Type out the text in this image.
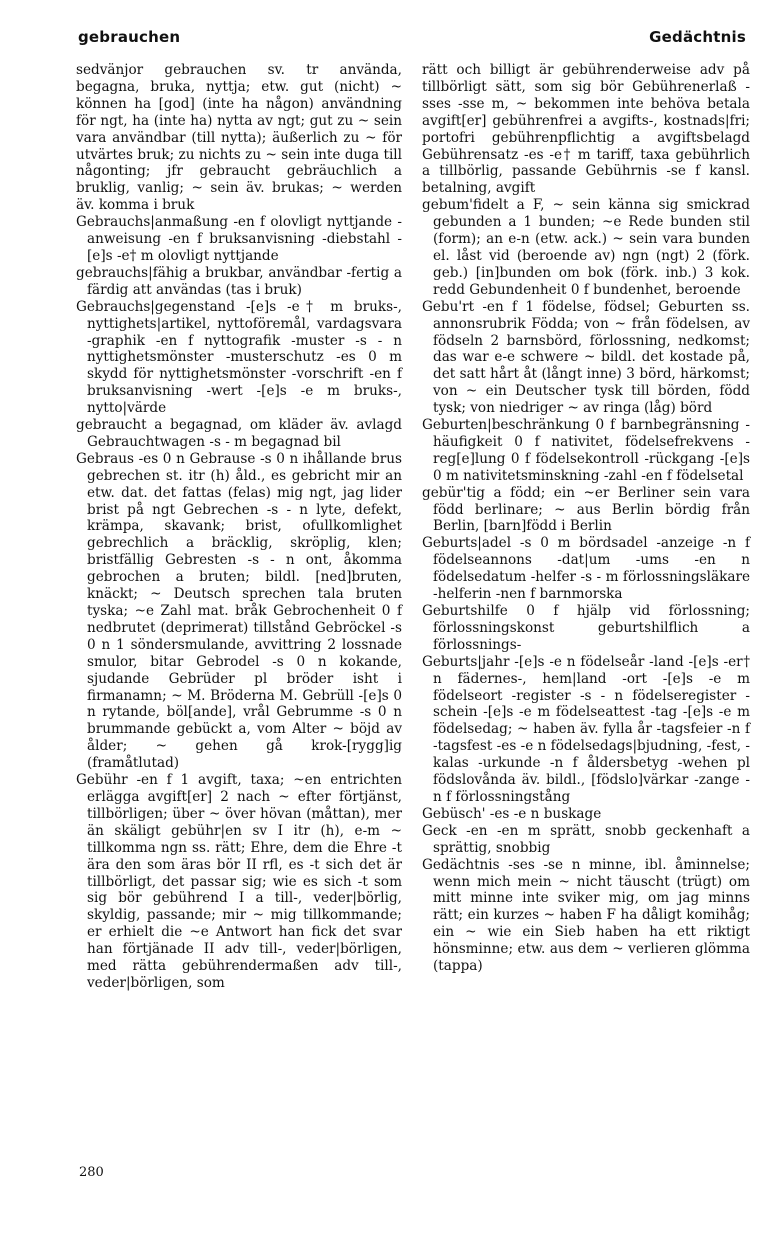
gebrauchen	Gedächtnis

sedvänjor gebrauchen sv. tr använda, begagna, bruka, nyttja; etw. gut (nicht) ~ können ha [god] (inte ha någon) användning för ngt, ha (inte ha) nytta av ngt; gut zu ~ sein vara användbar (till nytta); äußerlich zu ~ för utvärtes bruk; zu nichts zu ~ sein inte duga till någonting; jfr gebraucht gebräuchlich a bruklig, vanlig; ~ sein äv. brukas; ~ werden äv. komma i bruk

Gebrauchs|anmaßung -en f olovligt nyttjande -anweisung -en f bruksanvisning -diebstahl -[e]s -e† m olovligt nyttjande

gebrauchs|fähig a brukbar, användbar -fertig a färdig att användas (tas i bruk)

Gebrauchs|gegenstand -[e]s -e† m bruks-, nyttighets|artikel, nyttoföremål, vardagsvara -graphik -en f nyttografik -muster -s - n nyttighetsmönster -musterschutz -es 0 m skydd för nyttighetsmönster -vorschrift -en f bruksanvisning -wert -[e]s -e m bruks-, nytto|värde

gebraucht a begagnad, om kläder äv. avlagd Gebrauchtwagen -s - m begagnad bil

Gebraus -es 0 n Gebrause -s 0 n ihållande brus gebrechen st. itr (h) åld., es gebricht mir an etw. dat. det fattas (felas) mig ngt, jag lider brist på ngt Gebrechen -s - n lyte, defekt, krämpa, skavank; brist, ofullkomlighet gebrechlich a bräcklig, skröplig, klen; bristfällig Gebresten -s - n ont, åkomma gebrochen a bruten; bildl. [ned]bruten, knäckt; ~ Deutsch sprechen tala bruten tyska; ~e Zahl mat. bråk Gebrochenheit 0 f nedbrutet (deprimerat) tillstånd Gebröckel -s 0 n 1 söndersmulande, avvittring 2 lossnade smulor, bitar Gebrodel -s 0 n kokande, sjudande Gebrüder pl bröder isht i firmanamn; ~ M. Bröderna M. Gebrüll -[e]s 0 n rytande, böl[ande], vrål Gebrumme -s 0 n brummande gebückt a, vom Alter ~ böjd av ålder; ~ gehen gå krok-[rygg]ig (framåtlutad)

Gebühr -en f 1 avgift, taxa; ~en entrichten erlägga avgift[er] 2 nach ~ efter förtjänst, tillbörligen; über ~ över hövan (måttan), mer än skäligt gebühr|en sv I itr (h), e-m ~ tillkomma ngn ss. rätt; Ehre, dem die Ehre -t ära den som äras bör II rfl, es -t sich det är tillbörligt, det passar sig; wie es sich -t som sig bör gebührend I a till-, veder|börlig, skyldig, passande; mir ~ mig tillkommande; er erhielt die ~e Antwort han fick det svar han förtjänade II adv till-, veder|börligen, med rätta gebührendermaßen adv till-, veder|börligen, som

rätt och billigt är gebührenderweise adv på tillbörligt sätt, som sig bör Gebührenerlaß -sses -sse m, ~ bekommen inte behöva betala avgift[er] gebührenfrei a avgifts-, kostnads|fri; portofri gebührenpflichtig a avgiftsbelagd Gebührensatz -es -e† m tariff, taxa gebührlich a tillbörlig, passande Gebührnis -se f kansl. betalning, avgift

gebum'fidelt a F, ~ sein känna sig smickrad gebunden a 1 bunden; ~e Rede bunden stil (form); an e-n (etw. ack.) ~ sein vara bunden el. låst vid (beroende av) ngn (ngt) 2 (förk. geb.) [in]bunden om bok (förk. inb.) 3 kok. redd Gebundenheit 0 f bundenhet, beroende

Gebu'rt -en f 1 födelse, födsel; Geburten ss. annonsrubrik Födda; von ~ från födelsen, av födseln 2 barnsbörd, förlossning, nedkomst; das war e-e schwere ~ bildl. det kostade på, det satt hårt åt (långt inne) 3 börd, härkomst; von ~ ein Deutscher tysk till börden, född tysk; von niedriger ~ av ringa (låg) börd

Geburten|beschränkung 0 f barnbegränsning -häufigkeit 0 f nativitet, födelsefrekvens -reg[e]lung 0 f födelsekontroll -rückgang -[e]s 0 m nativitetsminskning -zahl -en f födelsetal

gebür'tig a född; ein ~er Berliner sein vara född berlinare; ~ aus Berlin bördig från Berlin, [barn]född i Berlin

Geburts|adel -s 0 m bördsadel -anzeige -n f födelseannons -dat|um -ums -en n födelsedatum -helfer -s - m förlossningsläkare -helferin -nen f barnmorska

Geburtshilfe 0 f hjälp vid förlossning; förlossningskonst geburtshilflich a förlossnings-

Geburts|jahr -[e]s -e n födelseår -land -[e]s -er† n fädernes-, hem|land -ort -[e]s -e m födelseort -register -s - n födelseregister -schein -[e]s -e m födelseattest -tag -[e]s -e m födelsedag; ~ haben äv. fylla år -tagsfeier -n f -tagsfest -es -e n födelsedags|bjudning, -fest, -kalas -urkunde -n f åldersbetyg -wehen pl födslovånda äv. bildl., [födslo]värkar -zange -n f förlossningstång

Gebüsch' -es -e n buskage

Geck -en -en m sprätt, snobb geckenhaft a sprättig, snobbig

Gedächtnis -ses -se n minne, ibl. åminnelse; wenn mich mein ~ nicht täuscht (trügt) om mitt minne inte sviker mig, om jag minns rätt; ein kurzes ~ haben F ha dåligt komihåg; ein ~ wie ein Sieb haben ha ett riktigt hönsminne; etw. aus dem ~ verlieren glömma (tappa)

280
